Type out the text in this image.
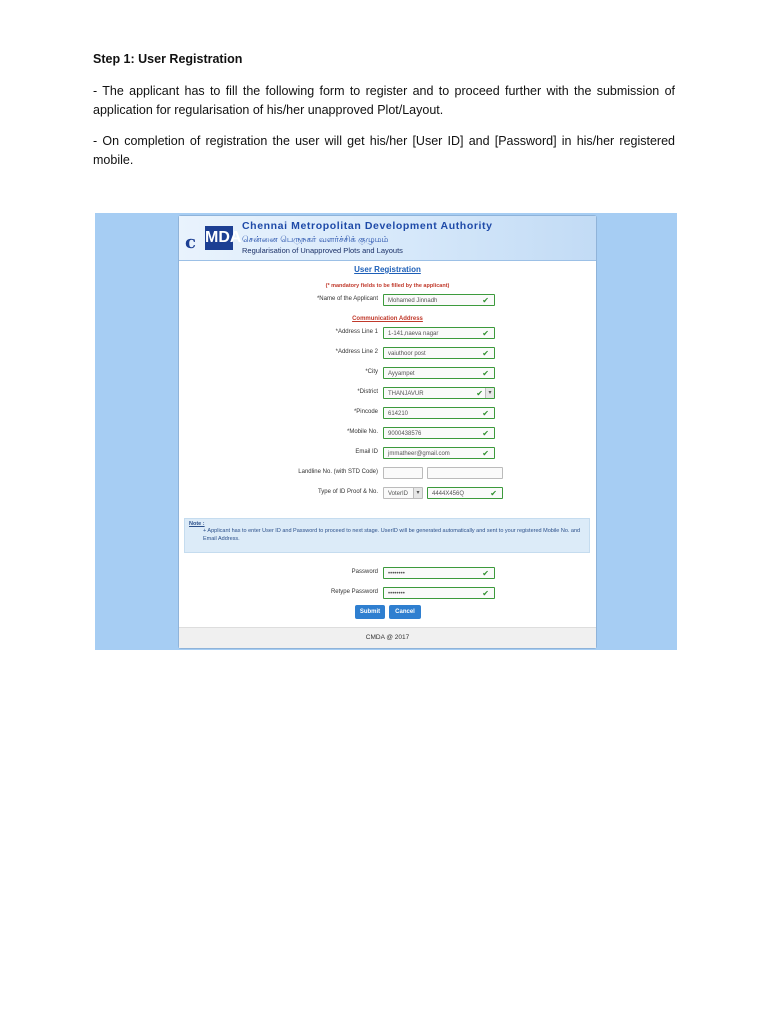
Step 1: User Registration
- The applicant has to fill the following form to register and to proceed further with the submission of application for regularisation of his/her unapproved Plot/Layout.
- On completion of registration the user will get his/her [User ID] and [Password] in his/her registered mobile.
c MDA
Chennai Metropolitan Development Authority
சென்னை பெருநகர் வளர்ச்சிக் குழுமம்
Regularisation of Unapproved Plots and Layouts
User Registration
(* mandatory fields to be filled by the applicant)
*Name of the Applicant	Mohamed Jinnadh	✔
Communication Address
*Address Line 1	1-141,naeva nagar	✔
*Address Line 2	vaiuthoor post	✔
*City	Ayyampet	✔
*District	THANJAVUR	✔ ▾
*Pincode	614210	✔
*Mobile No.	9000438576	✔
Email ID	jmmatheer@gmail.com	✔
Landline No. (with STD Code)
Type of ID Proof & No.	VoterID	▾	4444X456Q	✔
Note :
+ Applicant has to enter User ID and Password to proceed to next stage. UserID will be generated automatically and sent to your registered Mobile No. and Email Address.
Password	••••••••	✔
Retype Password	••••••••	✔
Submit	Cancel
CMDA @ 2017
